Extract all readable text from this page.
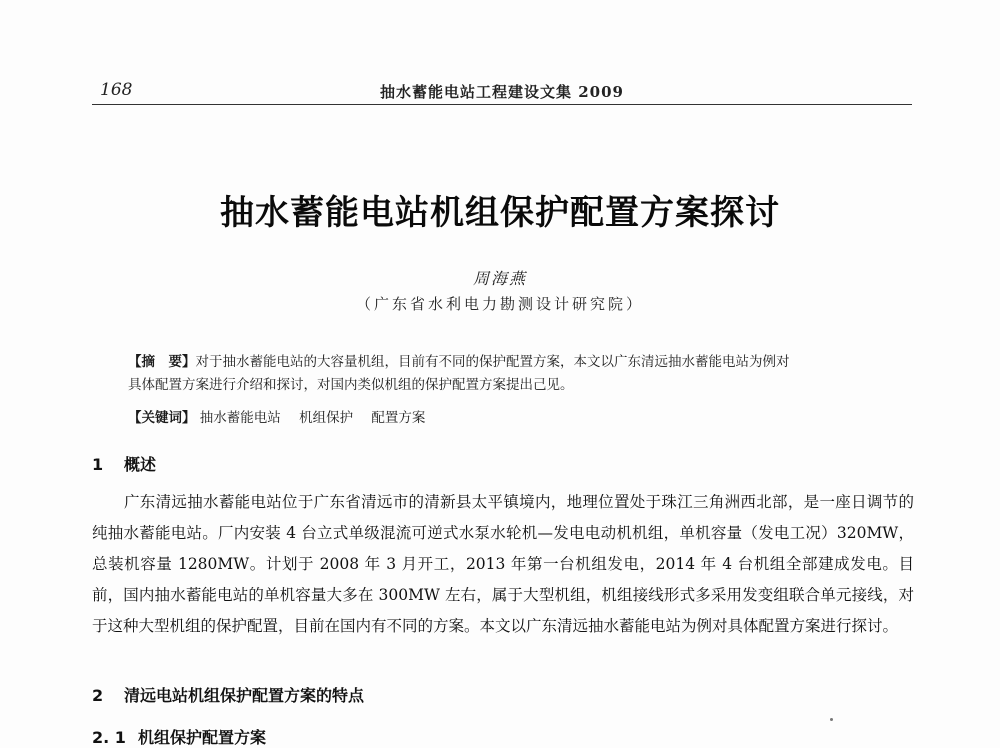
168	抽水蓄能电站工程建设文集 2009
抽水蓄能电站机组保护配置方案探讨
周海燕
（广东省水利电力勘测设计研究院）

【摘　要】对于抽水蓄能电站的大容量机组，目前有不同的保护配置方案，本文以广东清远抽水蓄能电站为例对

具体配置方案进行介绍和探讨，对国内类似机组的保护配置方案提出己见。

【关键词】 抽水蓄能电站 机组保护 配置方案
1 概述

广东清远抽水蓄能电站位于广东省清远市的清新县太平镇境内，地理位置处于珠江三角洲西北部，是一座日调节的纯抽水蓄能电站。厂内安装 4 台立式单级混流可逆式水泵水轮机—发电电动机机组，单机容量（发电工况）320MW，总装机容量 1280MW。计划于 2008 年 3 月开工，2013 年第一台机组发电，2014 年 4 台机组全部建成发电。目前，国内抽水蓄能电站的单机容量大多在 300MW 左右，属于大型机组，机组接线形式多采用发变组联合单元接线，对于这种大型机组的保护配置，目前在国内有不同的方案。本文以广东清远抽水蓄能电站为例对具体配置方案进行探讨。

2 清远电站机组保护配置方案的特点
2. 1 机组保护配置方案
